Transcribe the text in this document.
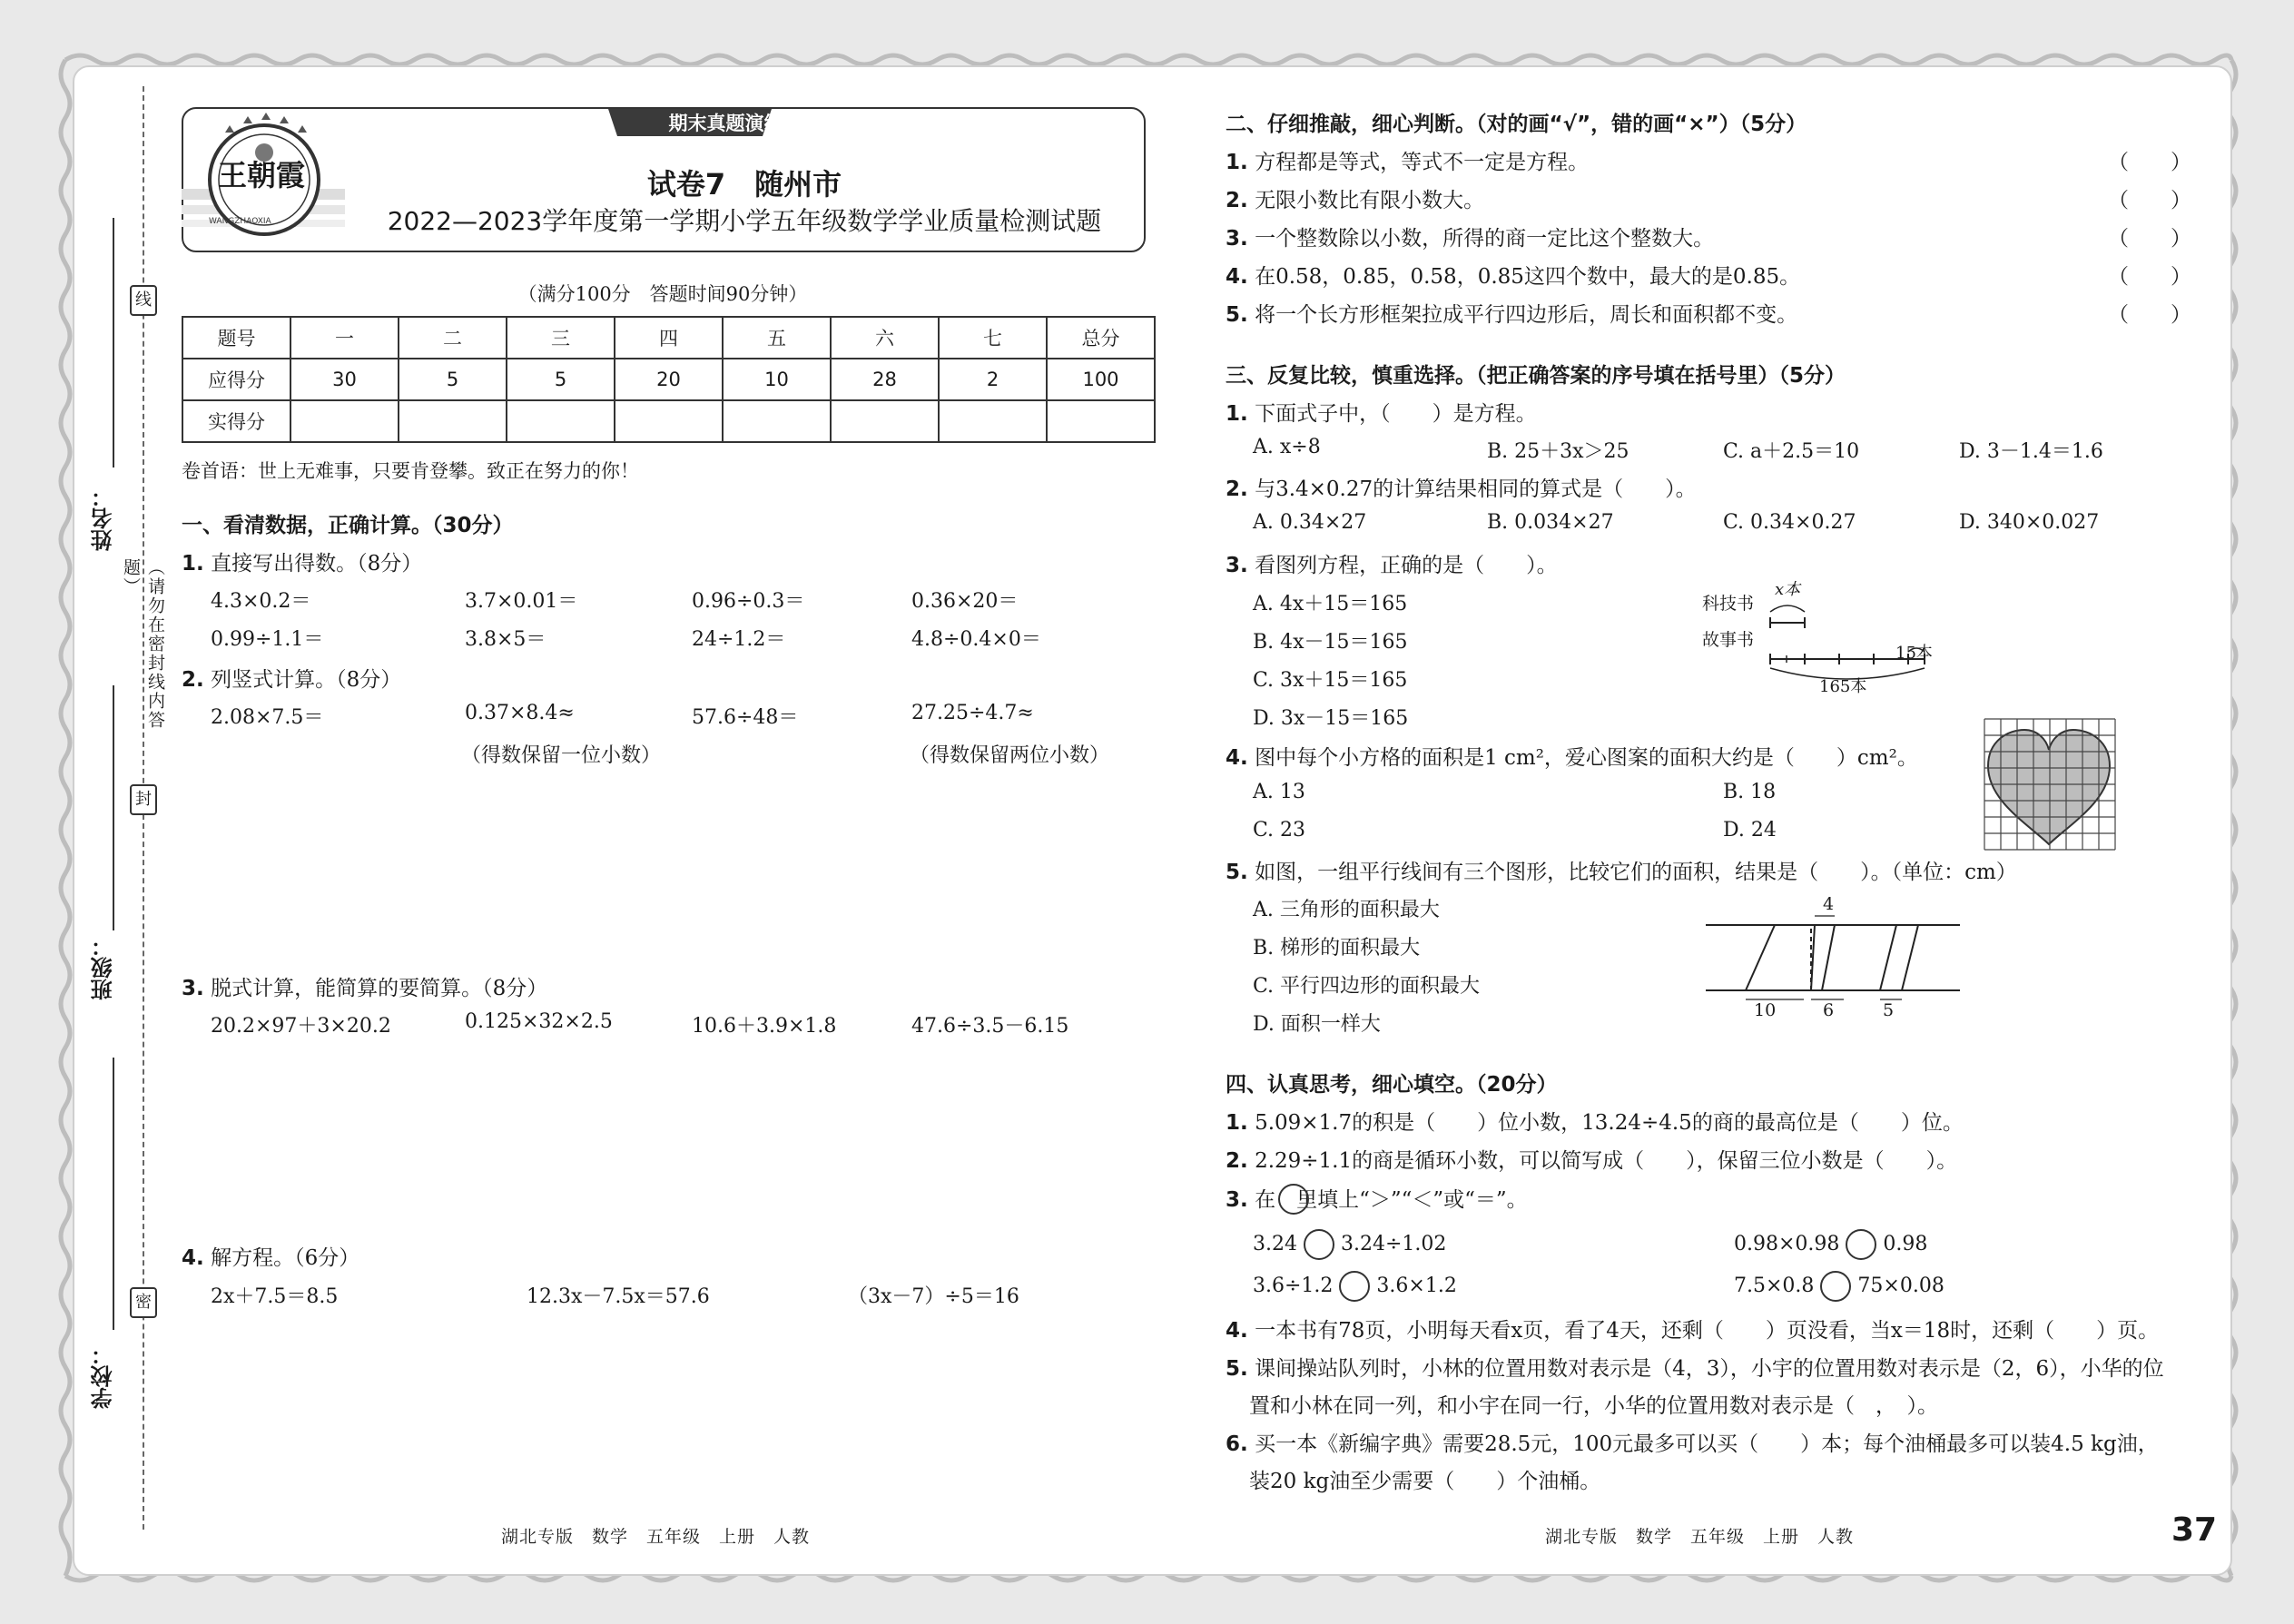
线
封
密
（请勿在密封线内答题）
姓名：
班级：
学校：
期末真题演练卷
WANGZHAOXIA
王朝霞	试卷7　随州市
2022—2023学年度第一学期小学五年级数学学业质量检测试题
（满分100分　答题时间90分钟）
题号	一	二	三	四	五	六	七	总分
应得分	30	5	5	20	10	28	2	100
实得分								
卷首语：世上无难事，只要肯登攀。致正在努力的你！
一、看清数据，正确计算。（30分）
1. 直接写出得数。（8分）
4.3×0.2＝	3.7×0.01＝	0.96÷0.3＝	0.36×20＝
0.99÷1.1＝	3.8×5＝	24÷1.2＝	4.8÷0.4×0＝
2. 列竖式计算。（8分）
2.08×7.5＝	0.37×8.4≈	57.6÷48＝	27.25÷4.7≈
（得数保留一位小数）	（得数保留两位小数）
3. 脱式计算，能简算的要简算。（8分）
20.2×97＋3×20.2	0.125×32×2.5	10.6＋3.9×1.8	47.6÷3.5－6.15
4. 解方程。（6分）
2x＋7.5＝8.5	12.3x－7.5x＝57.6	（3x－7）÷5＝16
湖北专版　数学　五年级　上册　人教
二、仔细推敲，细心判断。（对的画“√”，错的画“×”）（5分）
1. 方程都是等式，等式不一定是方程。
2. 无限小数比有限小数大。
3. 一个整数除以小数，所得的商一定比这个整数大。
4. 在0.58，0.85，0.58，0.85这四个数中，最大的是0.85。
5. 将一个长方形框架拉成平行四边形后，周长和面积都不变。
（　　）
（　　）
（　　）
（　　）
（　　）
三、反复比较，慎重选择。（把正确答案的序号填在括号里）（5分）
1. 下面式子中，（　　）是方程。
A. x÷8	B. 25＋3x＞25	C. a＋2.5＝10	D. 3－1.4＝1.6
2. 与3.4×0.27的计算结果相同的算式是（　　）。
A. 0.34×27	B. 0.034×27	C. 0.34×0.27	D. 340×0.027
3. 看图列方程，正确的是（　　）。
A. 4x＋15＝165
B. 4x－15＝165
C. 3x＋15＝165
D. 3x－15＝165
科技书
故事书
x本
15本
165本
4. 图中每个小方格的面积是1 cm²，爱心图案的面积大约是（　　）cm²。
A. 13	B. 18
C. 23	D. 24
5. 如图，一组平行线间有三个图形，比较它们的面积，结果是（　　）。（单位：cm）
A. 三角形的面积最大
B. 梯形的面积最大
C. 平行四边形的面积最大
D. 面积一样大
4
10	6	5
四、认真思考，细心填空。（20分）
1. 5.09×1.7的积是（　　）位小数，13.24÷4.5的商的最高位是（　　）位。
2. 2.29÷1.1的商是循环小数，可以简写成（　　），保留三位小数是（　　）。
3. 在　里填上“＞”“＜”或“＝”。
3.24 3.24÷1.02	0.98×0.98 0.98
3.6÷1.2 3.6×1.2	7.5×0.8 75×0.08
4. 一本书有78页，小明每天看x页，看了4天，还剩（　　）页没看，当x＝18时，还剩（　　）页。
5. 课间操站队列时，小林的位置用数对表示是（4，3），小宇的位置用数对表示是（2，6），小华的位
置和小林在同一列，和小宇在同一行，小华的位置用数对表示是（　，　）。
6. 买一本《新编字典》需要28.5元，100元最多可以买（　　）本；每个油桶最多可以装4.5 kg油，
装20 kg油至少需要（　　）个油桶。
湖北专版　数学　五年级　上册　人教	37
